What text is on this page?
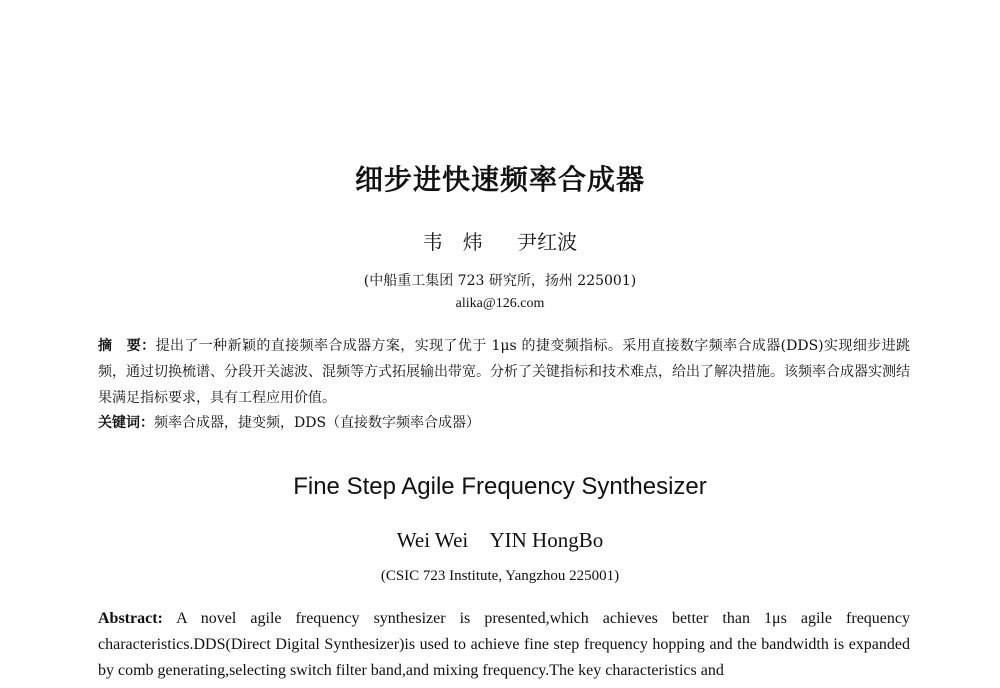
细步进快速频率合成器
韦　炜 尹红波
(中船重工集团 723 研究所，扬州 225001)
alika@126.com
摘　要：提出了一种新颖的直接频率合成器方案，实现了优于 1μs 的捷变频指标。采用直接数字频率合成器(DDS)实现细步进跳频，通过切换梳谱、分段开关滤波、混频等方式拓展输出带宽。分析了关键指标和技术难点，给出了解决措施。该频率合成器实测结果满足指标要求，具有工程应用价值。
关键词：频率合成器，捷变频，DDS（直接数字频率合成器）
Fine Step Agile Frequency Synthesizer
Wei Wei YIN HongBo
(CSIC 723 Institute, Yangzhou 225001)
Abstract: A novel agile frequency synthesizer is presented,which achieves better than 1μs agile frequency characteristics.DDS(Direct Digital Synthesizer)is used to achieve fine step frequency hopping and the bandwidth is expanded by comb generating,selecting switch filter band,and mixing frequency.The key characteristics and
